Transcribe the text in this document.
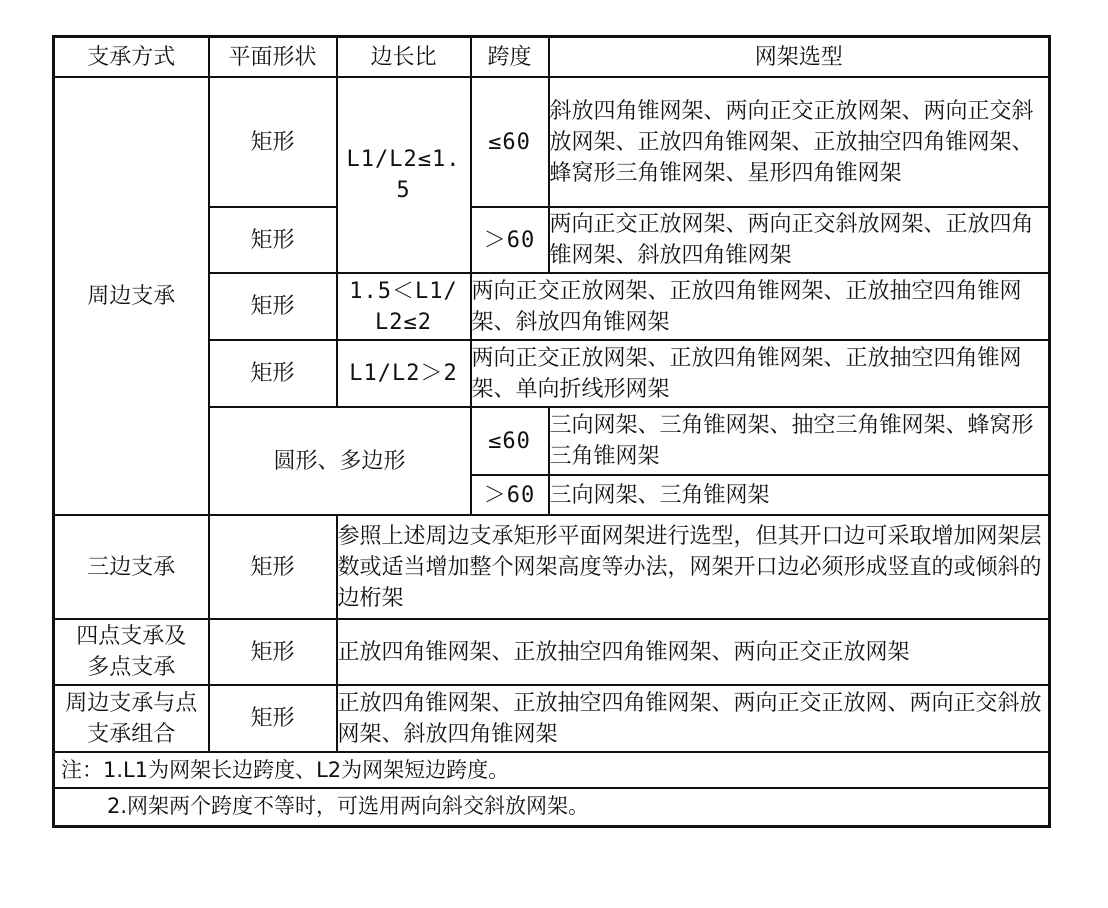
支承方式	平面形状	边长比	跨度	网架选型
周边支承	矩形	L1/L2≤1.5	≤60	斜放四角锥网架、两向正交正放网架、两向正交斜放网架、正放四角锥网架、正放抽空四角锥网架、蜂窝形三角锥网架、星形四角锥网架
	矩形		＞60	两向正交正放网架、两向正交斜放网架、正放四角锥网架、斜放四角锥网架
	矩形	1.5＜L1/L2≤2	两向正交正放网架、正放四角锥网架、正放抽空四角锥网架、斜放四角锥网架	
	矩形	L1/L2＞2	两向正交正放网架、正放四角锥网架、正放抽空四角锥网架、单向折线形网架	
	圆形、多边形		≤60	三向网架、三角锥网架、抽空三角锥网架、蜂窝形三角锥网架
			＞60	三向网架、三角锥网架
三边支承	矩形	参照上述周边支承矩形平面网架进行选型，但其开口边可采取增加网架层数或适当增加整个网架高度等办法，网架开口边必须形成竖直的或倾斜的边桁架		
四点支承及多点支承	矩形	正放四角锥网架、正放抽空四角锥网架、两向正交正放网架		
周边支承与点支承组合	矩形	正放四角锥网架、正放抽空四角锥网架、两向正交正放网、两向正交斜放网架、斜放四角锥网架		
注：1.L1为网架长边跨度、L2为网架短边跨度。				
2.网架两个跨度不等时，可选用两向斜交斜放网架。				
